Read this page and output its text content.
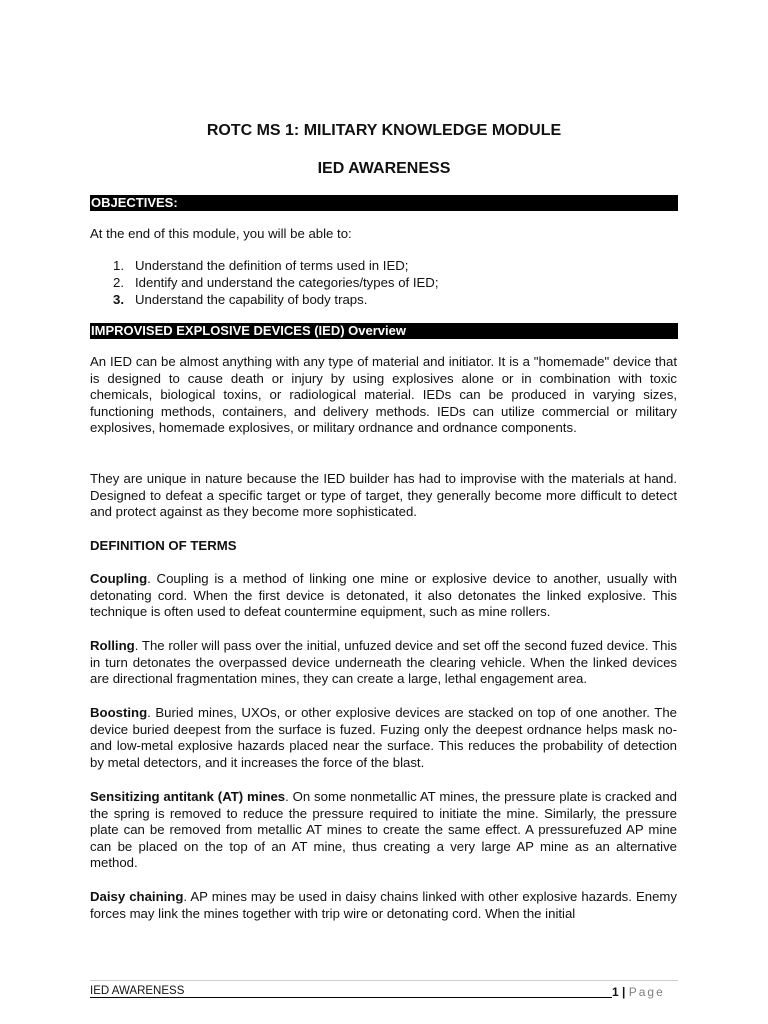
ROTC MS 1: MILITARY KNOWLEDGE MODULE
IED AWARENESS
OBJECTIVES:

At the end of this module, you will be able to:

1. Understand the definition of terms used in IED;
2. Identify and understand the categories/types of IED;
3. Understand the capability of body traps.
IMPROVISED EXPLOSIVE DEVICES (IED) Overview

An IED can be almost anything with any type of material and initiator. It is a "homemade" device that is designed to cause death or injury by using explosives alone or in combination with toxic chemicals, biological toxins, or radiological material. IEDs can be produced in varying sizes, functioning methods, containers, and delivery methods. IEDs can utilize commercial or military explosives, homemade explosives, or military ordnance and ordnance components.

They are unique in nature because the IED builder has had to improvise with the materials at hand. Designed to defeat a specific target or type of target, they generally become more difficult to detect and protect against as they become more sophisticated.

DEFINITION OF TERMS

Coupling. Coupling is a method of linking one mine or explosive device to another, usually with detonating cord. When the first device is detonated, it also detonates the linked explosive. This technique is often used to defeat countermine equipment, such as mine rollers.

Rolling. The roller will pass over the initial, unfuzed device and set off the second fuzed device. This in turn detonates the overpassed device underneath the clearing vehicle. When the linked devices are directional fragmentation mines, they can create a large, lethal engagement area.

Boosting. Buried mines, UXOs, or other explosive devices are stacked on top of one another. The device buried deepest from the surface is fuzed. Fuzing only the deepest ordnance helps mask no- and low-metal explosive hazards placed near the surface. This reduces the probability of detection by metal detectors, and it increases the force of the blast.

Sensitizing antitank (AT) mines. On some nonmetallic AT mines, the pressure plate is cracked and the spring is removed to reduce the pressure required to initiate the mine. Similarly, the pressure plate can be removed from metallic AT mines to create the same effect. A pressurefuzed AP mine can be placed on the top of an AT mine, thus creating a very large AP mine as an alternative method.

Daisy chaining. AP mines may be used in daisy chains linked with other explosive hazards. Enemy forces may link the mines together with trip wire or detonating cord. When the initial

IED AWARENESS	1 | Page
